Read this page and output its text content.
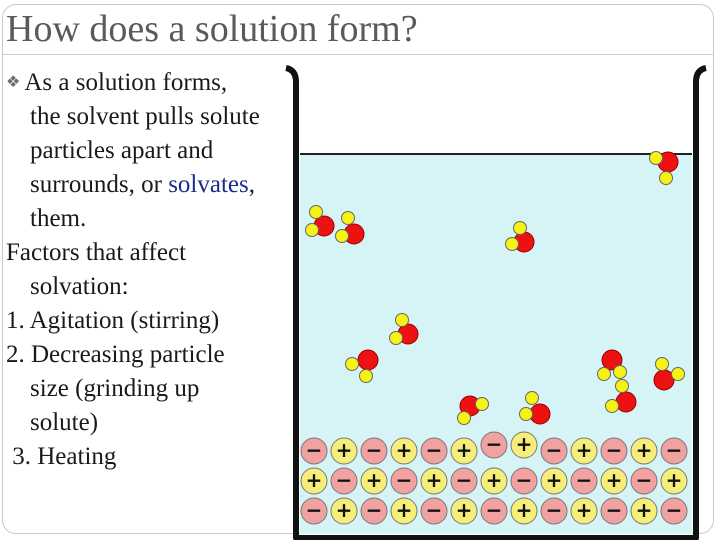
How does a solution form?
❖ As a solution forms,
the solvent pulls solute
particles apart and
surrounds, or solvates,
them.
Factors that affect
solvation:
1. Agitation (stirring)
2. Decreasing particle
size (grinding up
solute)
3. Heating	− + − + − + − + − + − + −
+ − + − + − + − + − + − +
− + − + − + − + − + − + −
